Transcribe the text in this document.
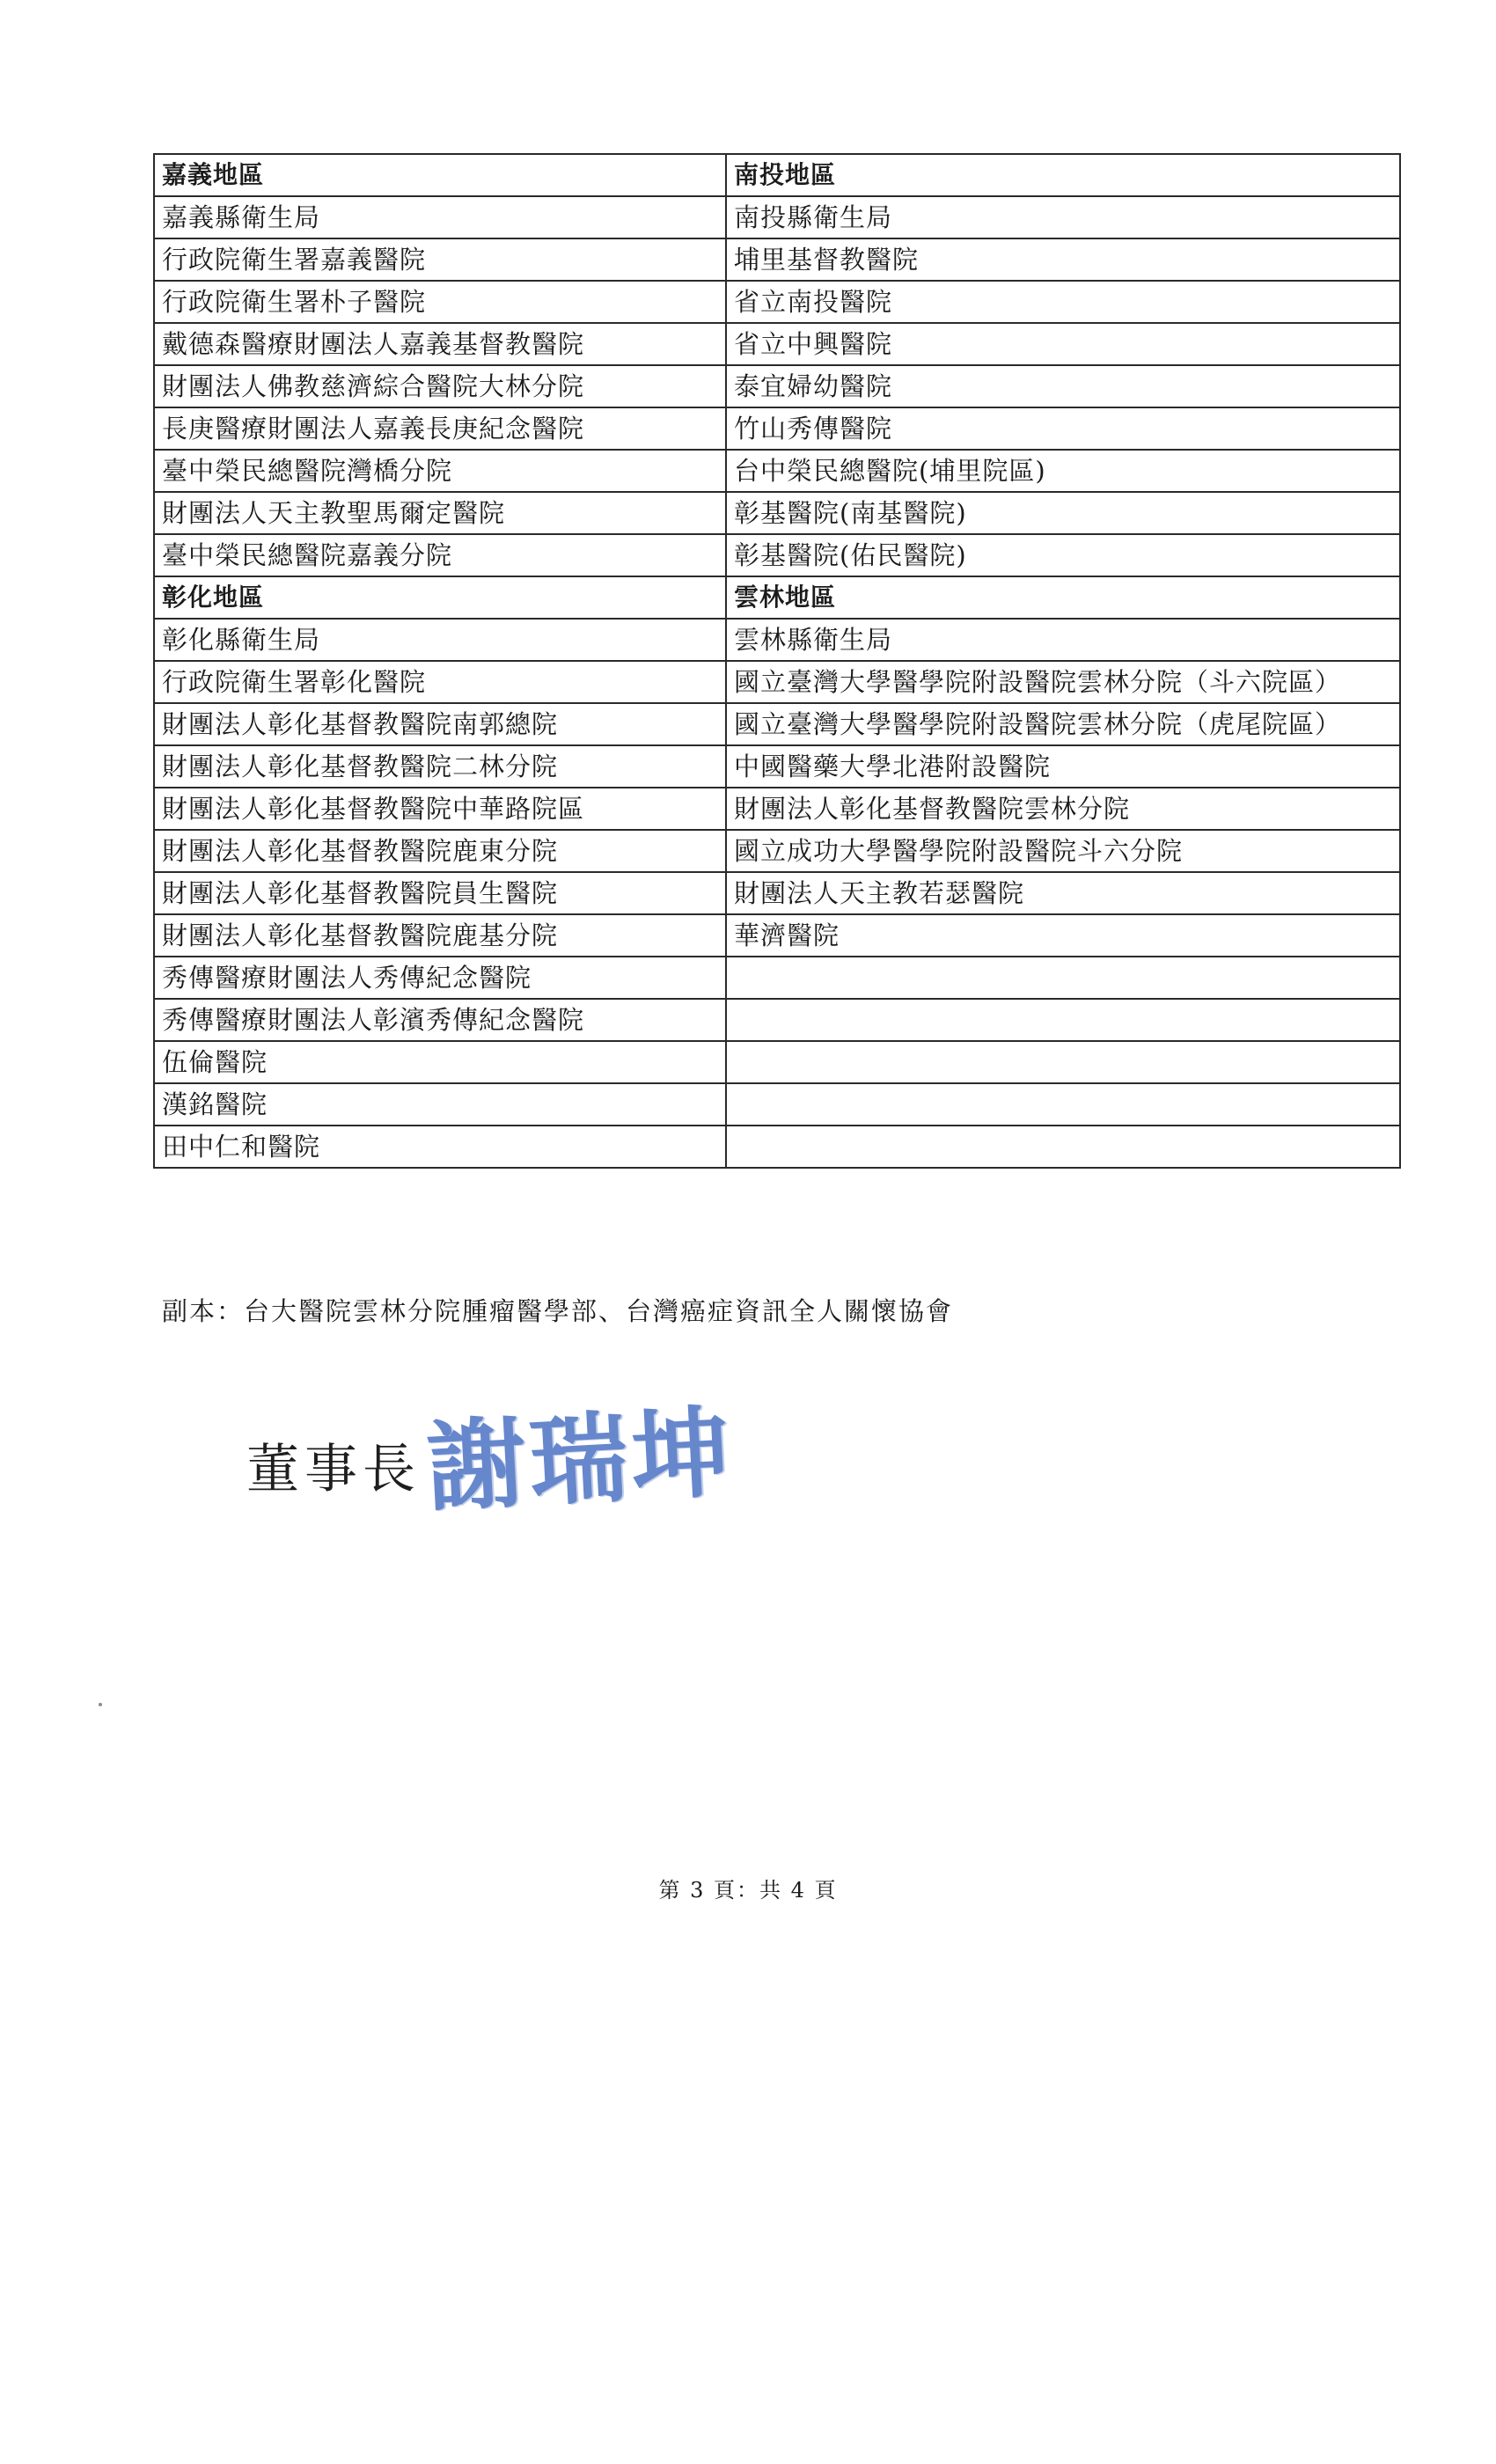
嘉義地區	南投地區
嘉義縣衛生局	南投縣衛生局
行政院衛生署嘉義醫院	埔里基督教醫院
行政院衛生署朴子醫院	省立南投醫院
戴德森醫療財團法人嘉義基督教醫院	省立中興醫院
財團法人佛教慈濟綜合醫院大林分院	泰宜婦幼醫院
長庚醫療財團法人嘉義長庚紀念醫院	竹山秀傳醫院
臺中榮民總醫院灣橋分院	台中榮民總醫院(埔里院區)
財團法人天主教聖馬爾定醫院	彰基醫院(南基醫院)
臺中榮民總醫院嘉義分院	彰基醫院(佑民醫院)
彰化地區	雲林地區
彰化縣衛生局	雲林縣衛生局
行政院衛生署彰化醫院	國立臺灣大學醫學院附設醫院雲林分院（斗六院區）
財團法人彰化基督教醫院南郭總院	國立臺灣大學醫學院附設醫院雲林分院（虎尾院區）
財團法人彰化基督教醫院二林分院	中國醫藥大學北港附設醫院
財團法人彰化基督教醫院中華路院區	財團法人彰化基督教醫院雲林分院
財團法人彰化基督教醫院鹿東分院	國立成功大學醫學院附設醫院斗六分院
財團法人彰化基督教醫院員生醫院	財團法人天主教若瑟醫院
財團法人彰化基督教醫院鹿基分院	華濟醫院
秀傳醫療財團法人秀傳紀念醫院	
秀傳醫療財團法人彰濱秀傳紀念醫院	
伍倫醫院	
漢銘醫院	
田中仁和醫院	
副本：台大醫院雲林分院腫瘤醫學部、台灣癌症資訊全人關懷協會
董事長 謝瑞坤
第 3 頁：共 4 頁
